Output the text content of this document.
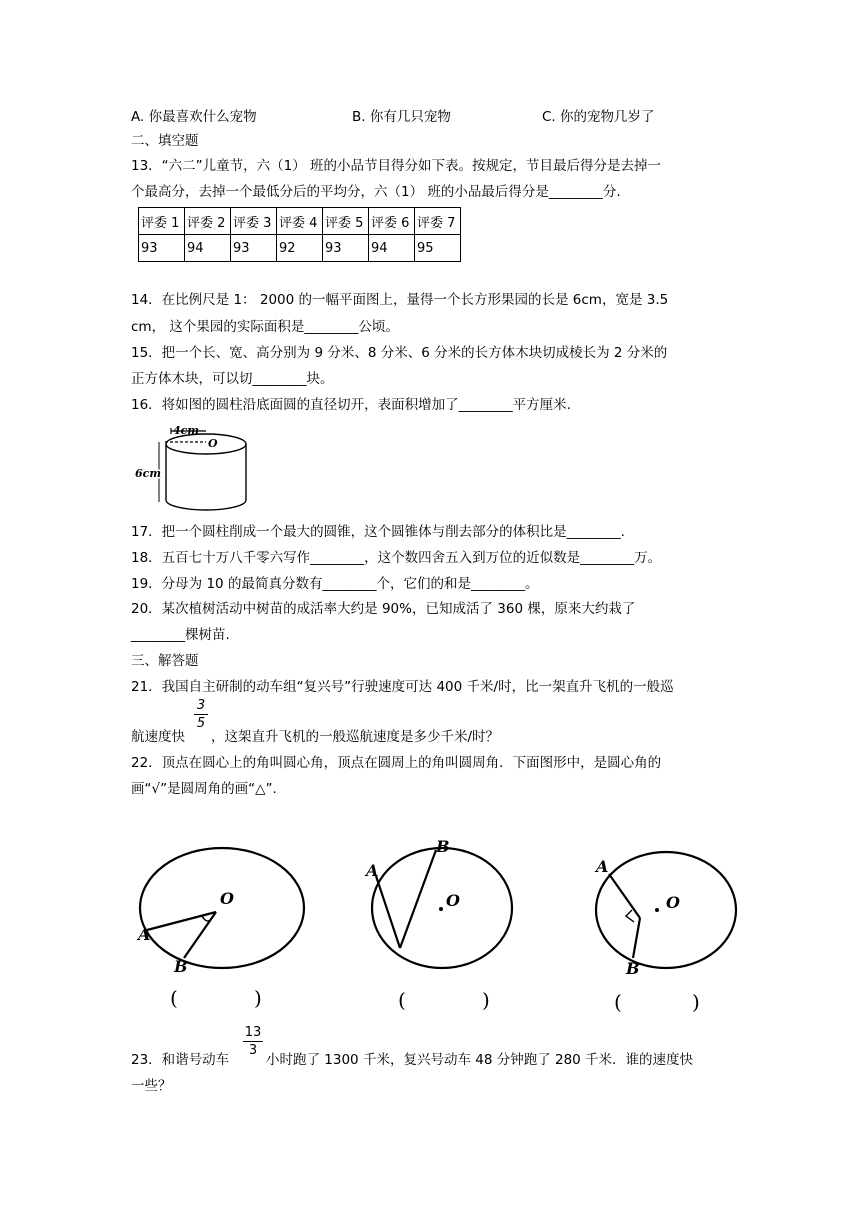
A. 你最喜欢什么宠物	B. 你有几只宠物	C. 你的宠物几岁了
二、填空题
13．“六二”儿童节，六（1） 班的小品节目得分如下表。按规定，节目最后得分是去掉一
个最高分，去掉一个最低分后的平均分，六（1） 班的小品最后得分是________分.
评委 1	评委 2	评委 3	评委 4	评委 5	评委 6	评委 7
93	94	93	92	93	94	95
14．在比例尺是 1： 2000 的一幅平面图上，量得一个长方形果园的长是 6cm，宽是 3.5
cm， 这个果园的实际面积是________公顷。
15．把一个长、宽、高分别为 9 分米、8 分米、6 分米的长方体木块切成棱长为 2 分米的
正方体木块，可以切________块。
16．将如图的圆柱沿底面圆的直径切开，表面积增加了________平方厘米.
4cm
O
6cm
17．把一个圆柱削成一个最大的圆锥，这个圆锥体与削去部分的体积比是________.
18．五百七十万八千零六写作________，这个数四舍五入到万位的近似数是________万。
19．分母为 10 的最简真分数有________个，它们的和是________。
20．某次植树活动中树苗的成活率大约是 90%，已知成活了 360 棵，原来大约栽了
________棵树苗.
三、解答题
21．我国自主研制的动车组“复兴号”行驶速度可达 400 千米/时，比一架直升飞机的一般巡
3
5
航速度快 ，这架直升飞机的一般巡航速度是多少千米/时？
22．顶点在圆心上的角叫圆心角，顶点在圆周上的角叫圆周角．下面图形中，是圆心角的
画“√”是圆周角的画“△”.
O
A
B
O
A
B
O
A
B
(	)	(	)	(	)
13
3
23．和谐号动车	小时跑了 1300 千米，复兴号动车 48 分钟跑了 280 千米．谁的速度快
一些？
